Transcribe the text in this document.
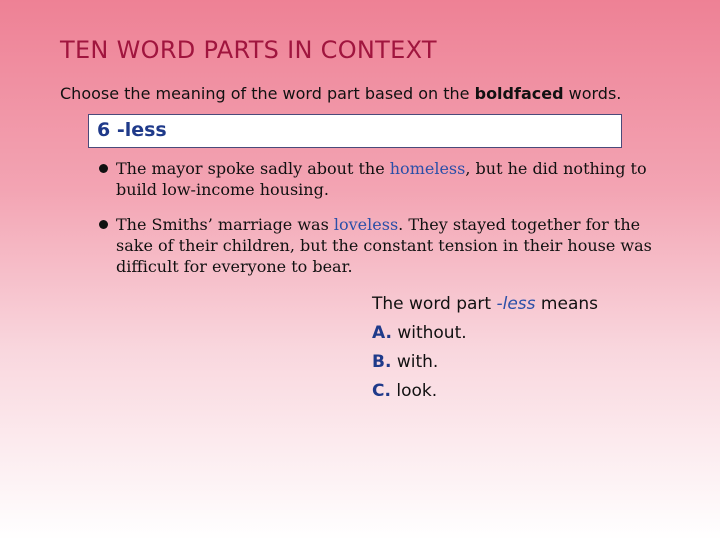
TEN WORD PARTS IN CONTEXT
Choose the meaning of the word part based on the boldfaced words.
6 -less
The mayor spoke sadly about the homeless, but he did nothing to build low-income housing.
The Smiths’ marriage was loveless. They stayed together for the sake of their children, but the constant tension in their house was difficult for everyone to bear.
The word part -less means
A. without.
B. with.
C. look.
